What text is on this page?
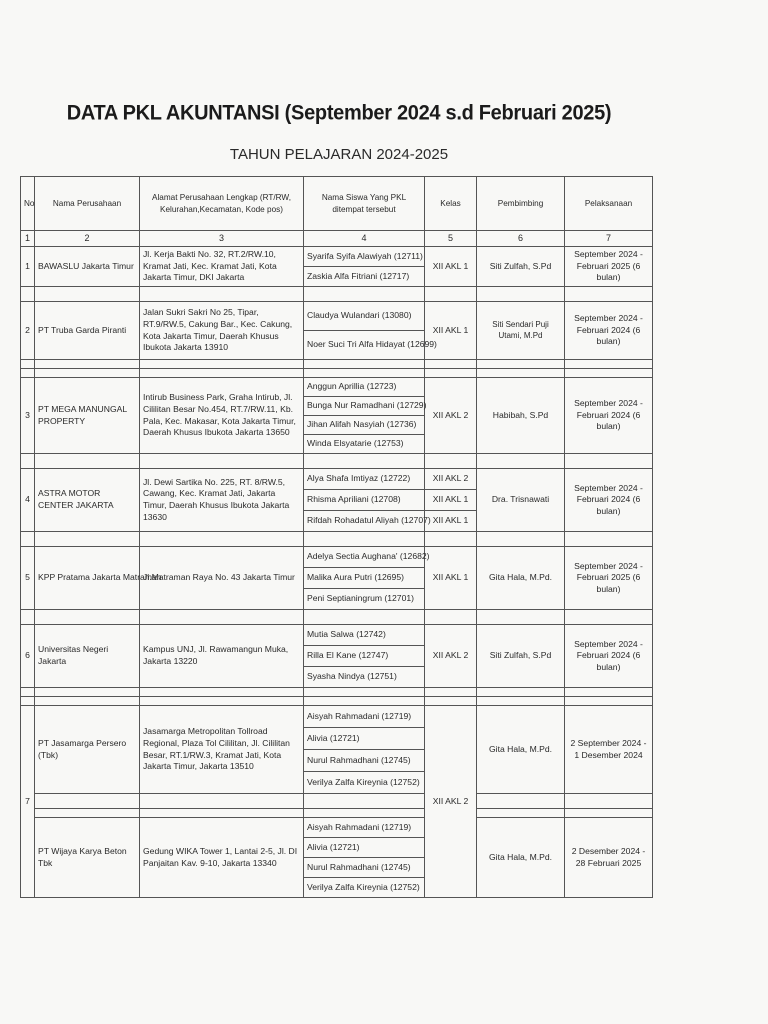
DATA PKL AKUNTANSI (September 2024 s.d Februari 2025)
TAHUN PELAJARAN 2024-2025
No	Nama Perusahaan	Alamat Perusahaan Lengkap (RT/RW, Kelurahan,Kecamatan, Kode pos)	Nama Siswa Yang PKL ditempat tersebut	Kelas	Pembimbing	Pelaksanaan
1	2	3	4	5	6	7
1	BAWASLU Jakarta Timur	Jl. Kerja Bakti No. 32, RT.2/RW.10, Kramat Jati, Kec. Kramat Jati, Kota Jakarta Timur, DKI Jakarta	Syarifa Syifa Alawiyah (12711)	XII AKL 1	Siti Zulfah, S.Pd	September 2024 - Februari 2025 (6 bulan)
			Zaskia Alfa Fitriani (12717)			

2	PT Truba Garda Piranti	Jalan Sukri Sakri No 25, Tipar, RT.9/RW.5, Cakung Bar., Kec. Cakung, Kota Jakarta Timur, Daerah Khusus Ibukota Jakarta 13910	Claudya Wulandari (13080)	XII AKL 1	Siti Sendari Puji Utami, M.Pd	September 2024 - Februari 2024 (6 bulan)
			Noer Suci Tri Alfa Hidayat (12699)			

3	PT MEGA MANUNGAL PROPERTY	Intirub Business Park, Graha Intirub, Jl. Cililitan Besar No.454, RT.7/RW.11, Kb. Pala, Kec. Makasar, Kota Jakarta Timur, Daerah Khusus Ibukota Jakarta 13650	Anggun Aprillia (12723)	XII AKL 2	Habibah, S.Pd	September 2024 - Februari 2024 (6 bulan)
			Bunga Nur Ramadhani (12729)			
			Jihan Alifah Nasyiah (12736)			
			Winda Elsyatarie (12753)			

4	ASTRA MOTOR CENTER JAKARTA	Jl. Dewi Sartika No. 225, RT. 8/RW.5, Cawang, Kec. Kramat Jati, Jakarta Timur, Daerah Khusus Ibukota Jakarta 13630	Alya Shafa Imtiyaz (12722)	XII AKL 2	Dra. Trisnawati	September 2024 - Februari 2024 (6 bulan)
			Rhisma Apriliani (12708)	XII AKL 1		
			Rifdah Rohadatul Aliyah (12707)	XII AKL 1		

5	KPP Pratama Jakarta Matraman	Jl.Matraman Raya No. 43 Jakarta Timur	Adelya Sectia Aughana' (12682)	XII AKL 1	Gita Hala, M.Pd.	September 2024 - Februari 2025 (6 bulan)
			Malika Aura Putri (12695)			
			Peni Septianingrum (12701)			

6	Universitas Negeri Jakarta	Kampus UNJ, Jl. Rawamangun Muka, Jakarta 13220	Mutia Salwa (12742)	XII AKL 2	Siti Zulfah, S.Pd	September 2024 - Februari 2024 (6 bulan)
			Rilla El Kane (12747)			
			Syasha Nindya (12751)			

7	PT Jasamarga Persero (Tbk)	Jasamarga Metropolitan Tollroad Regional, Plaza Tol Cililitan, Jl. Cililitan Besar, RT.1/RW.3, Kramat Jati, Kota Jakarta Timur, Jakarta 13510	Aisyah Rahmadani (12719)	XII AKL 2	Gita Hala, M.Pd.	2 September 2024 - 1 Desember 2024
			Alivia (12721)			
			Nurul Rahmadhani (12745)			
			Verilya Zalfa Kireynia (12752)			

	PT Wijaya Karya Beton Tbk	Gedung WIKA Tower 1, Lantai 2-5, Jl. DI Panjaitan Kav. 9-10, Jakarta 13340	Aisyah Rahmadani (12719)		Gita Hala, M.Pd.	2 Desember 2024 - 28 Februari 2025
			Alivia (12721)			
			Nurul Rahmadhani (12745)			
			Verilya Zalfa Kireynia (12752)			
